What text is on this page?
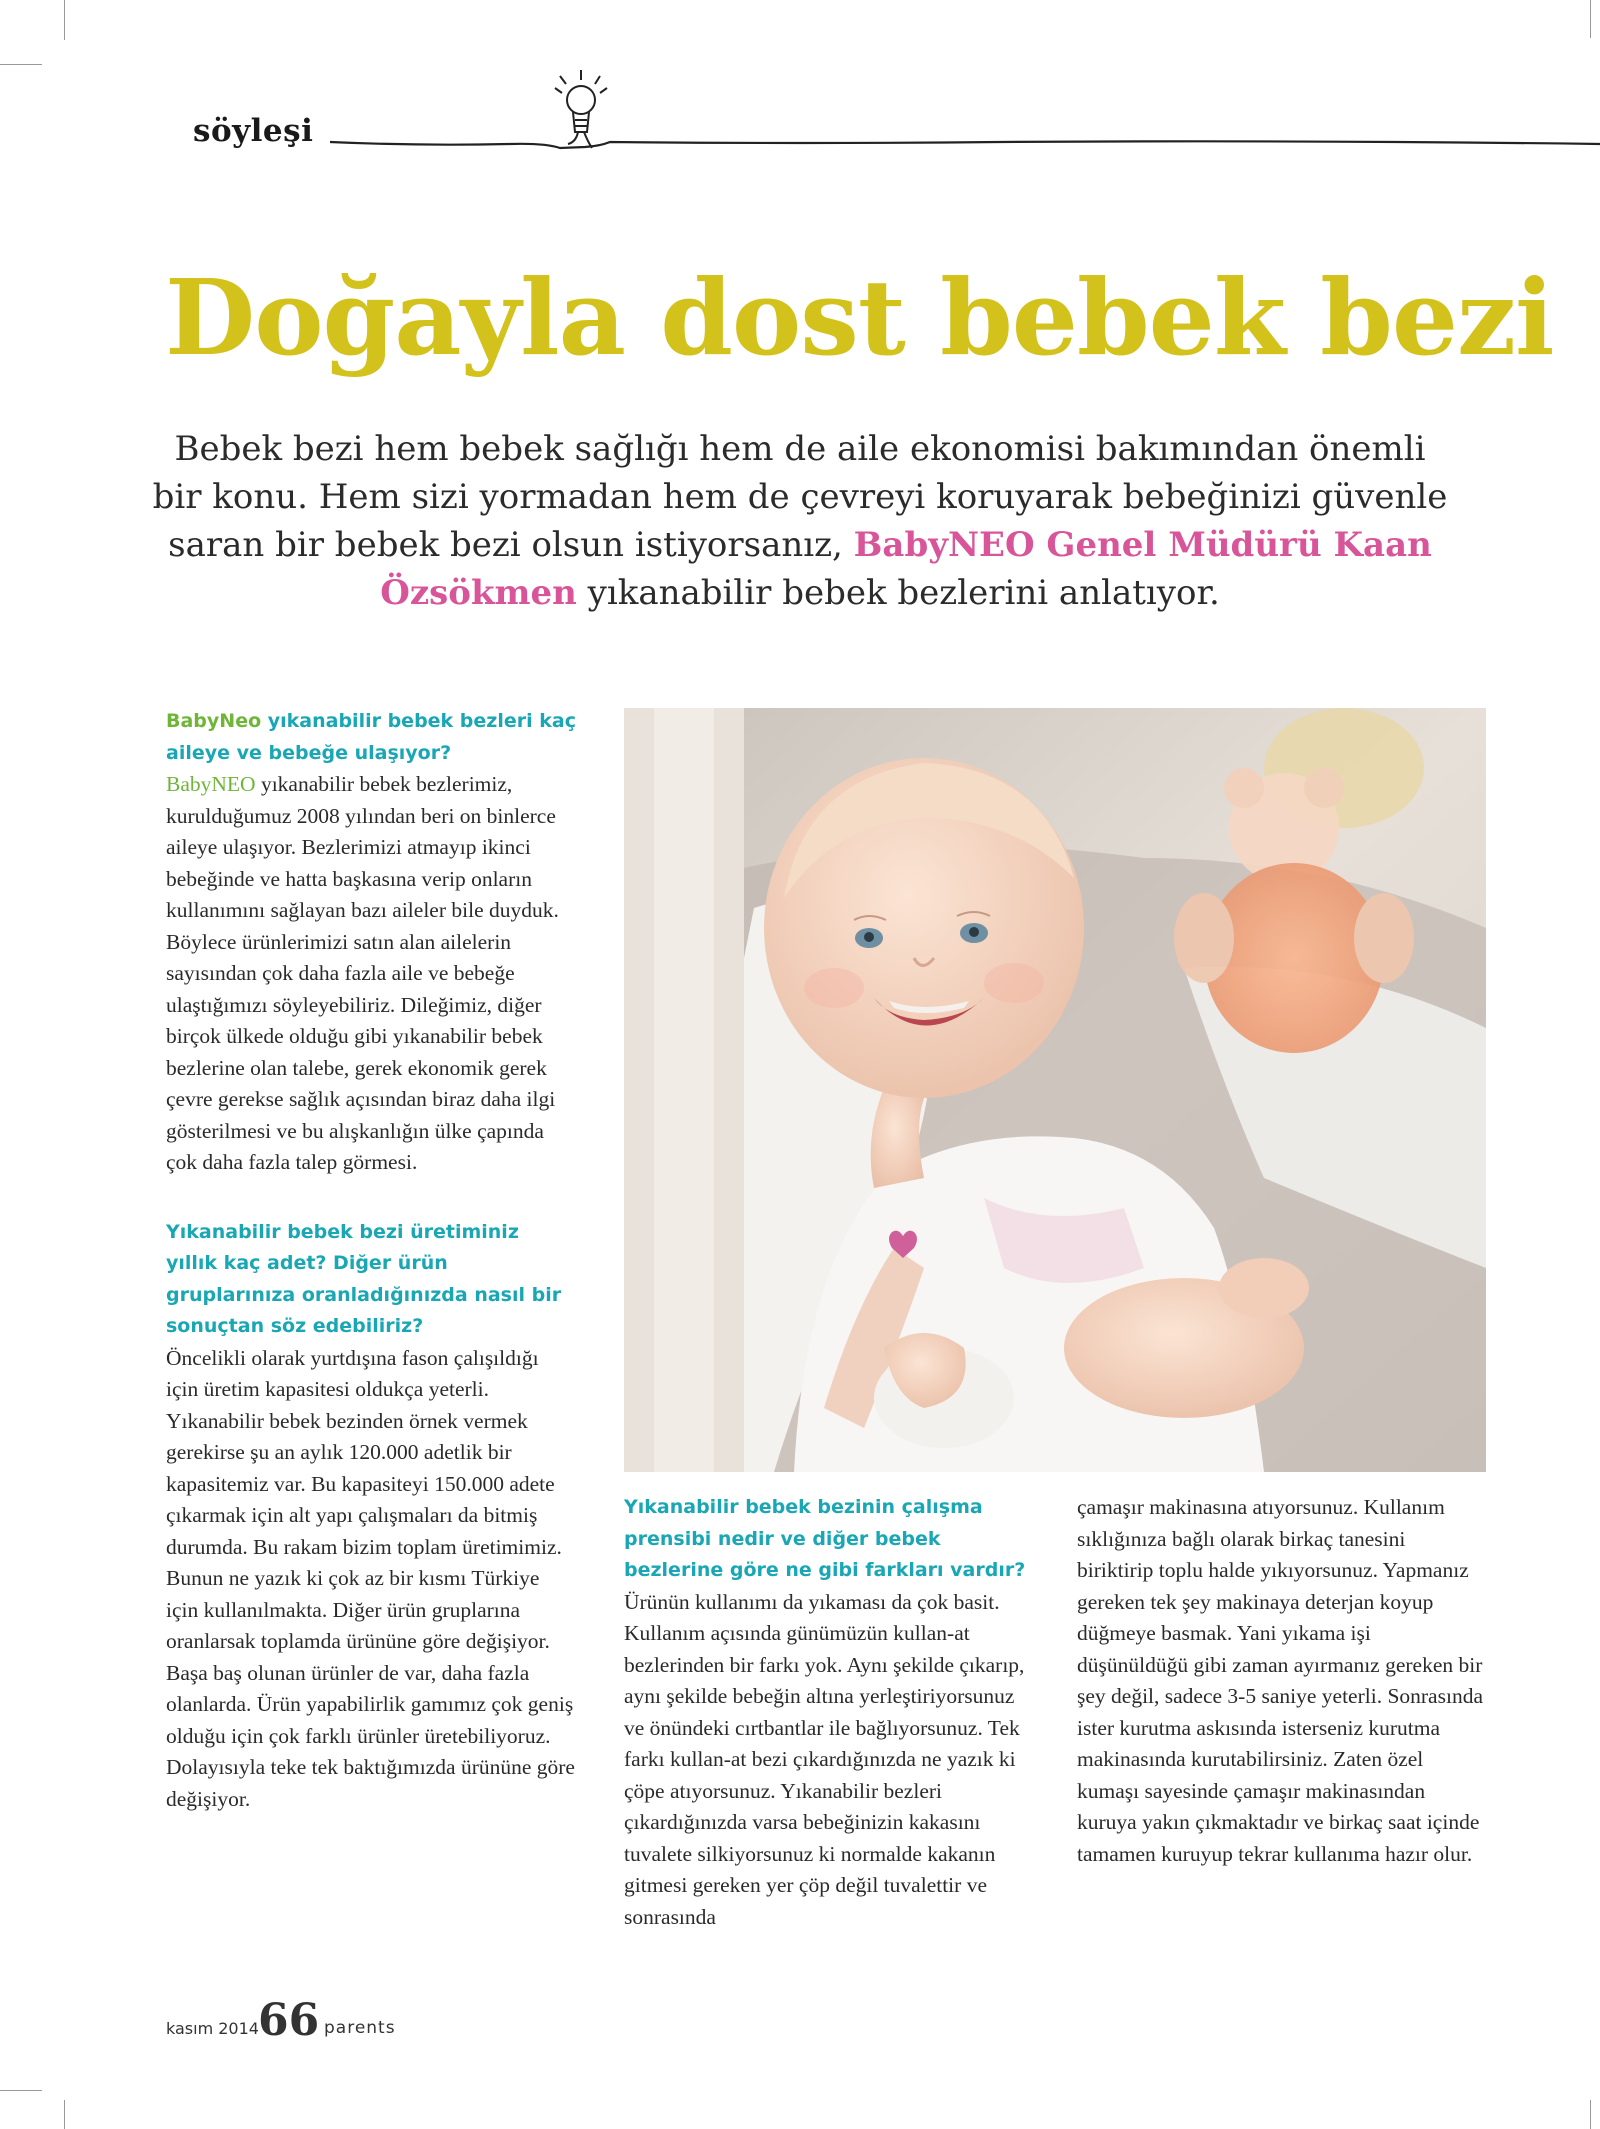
söyleşi
Doğayla dost bebek bezi

Bebek bezi hem bebek sağlığı hem de aile ekonomisi bakımından önemli bir konu. Hem sizi yormadan hem de çevreyi koruyarak bebeğinizi güvenle saran bir bebek bezi olsun istiyorsanız, BabyNEO Genel Müdürü Kaan Özsökmen yıkanabilir bebek bezlerini anlatıyor.

BabyNeo yıkanabilir bebek bezleri kaç aileye ve bebeğe ulaşıyor?

BabyNEO yıkanabilir bebek bezlerimiz, kurulduğumuz 2008 yılından beri on binlerce aileye ulaşıyor. Bezlerimizi atmayıp ikinci bebeğinde ve hatta başkasına verip onların kullanımını sağlayan bazı aileler bile duyduk. Böylece ürünlerimizi satın alan ailelerin sayısından çok daha fazla aile ve bebeğe ulaştığımızı söyleyebiliriz. Dileğimiz, diğer birçok ülkede olduğu gibi yıkanabilir bebek bezlerine olan talebe, gerek ekonomik gerek çevre gerekse sağlık açısından biraz daha ilgi gösterilmesi ve bu alışkanlığın ülke çapında çok daha fazla talep görmesi.

Yıkanabilir bebek bezi üretiminiz yıllık kaç adet? Diğer ürün gruplarınıza oranladığınızda nasıl bir sonuçtan söz edebiliriz?

Öncelikli olarak yurtdışına fason çalışıldığı için üretim kapasitesi oldukça yeterli. Yıkanabilir bebek bezinden örnek vermek gerekirse şu an aylık 120.000 adetlik bir kapasitemiz var. Bu kapasiteyi 150.000 adete çıkarmak için alt yapı çalışmaları da bitmiş durumda. Bu rakam bizim toplam üretimimiz. Bunun ne yazık ki çok az bir kısmı Türkiye için kullanılmakta. Diğer ürün gruplarına oranlarsak toplamda ürününe göre değişiyor. Başa baş olunan ürünler de var, daha fazla olanlarda. Ürün yapabilirlik gamımız çok geniş olduğu için çok farklı ürünler üretebiliyoruz. Dolayısıyla teke tek baktığımızda ürününe göre değişiyor.

Yıkanabilir bebek bezinin çalışma prensibi nedir ve diğer bebek bezlerine göre ne gibi farkları vardır?

Ürünün kullanımı da yıkaması da çok basit. Kullanım açısında günümüzün kullan-at bezlerinden bir farkı yok. Aynı şekilde çıkarıp, aynı şekilde bebeğin altına yerleştiriyorsunuz ve önündeki cırtbantlar ile bağlıyorsunuz. Tek farkı kullan-at bezi çıkardığınızda ne yazık ki çöpe atıyorsunuz. Yıkanabilir bezleri çıkardığınızda varsa bebeğinizin kakasını tuvalete silkiyorsunuz ki normalde kakanın gitmesi gereken yer çöp değil tuvalettir ve sonrasında

çamaşır makinasına atıyorsunuz. Kullanım sıklığınıza bağlı olarak birkaç tanesini biriktirip toplu halde yıkıyorsunuz. Yapmanız gereken tek şey makinaya deterjan koyup düğmeye basmak. Yani yıkama işi düşünüldüğü gibi zaman ayırmanız gereken bir şey değil, sadece 3-5 saniye yeterli. Sonrasında ister kurutma askısında isterseniz kurutma makinasında kurutabilirsiniz. Zaten özel kumaşı sayesinde çamaşır makinasından kuruya yakın çıkmaktadır ve birkaç saat içinde tamamen kuruyup tekrar kullanıma hazır olur.

kasım 2014 66 parents
